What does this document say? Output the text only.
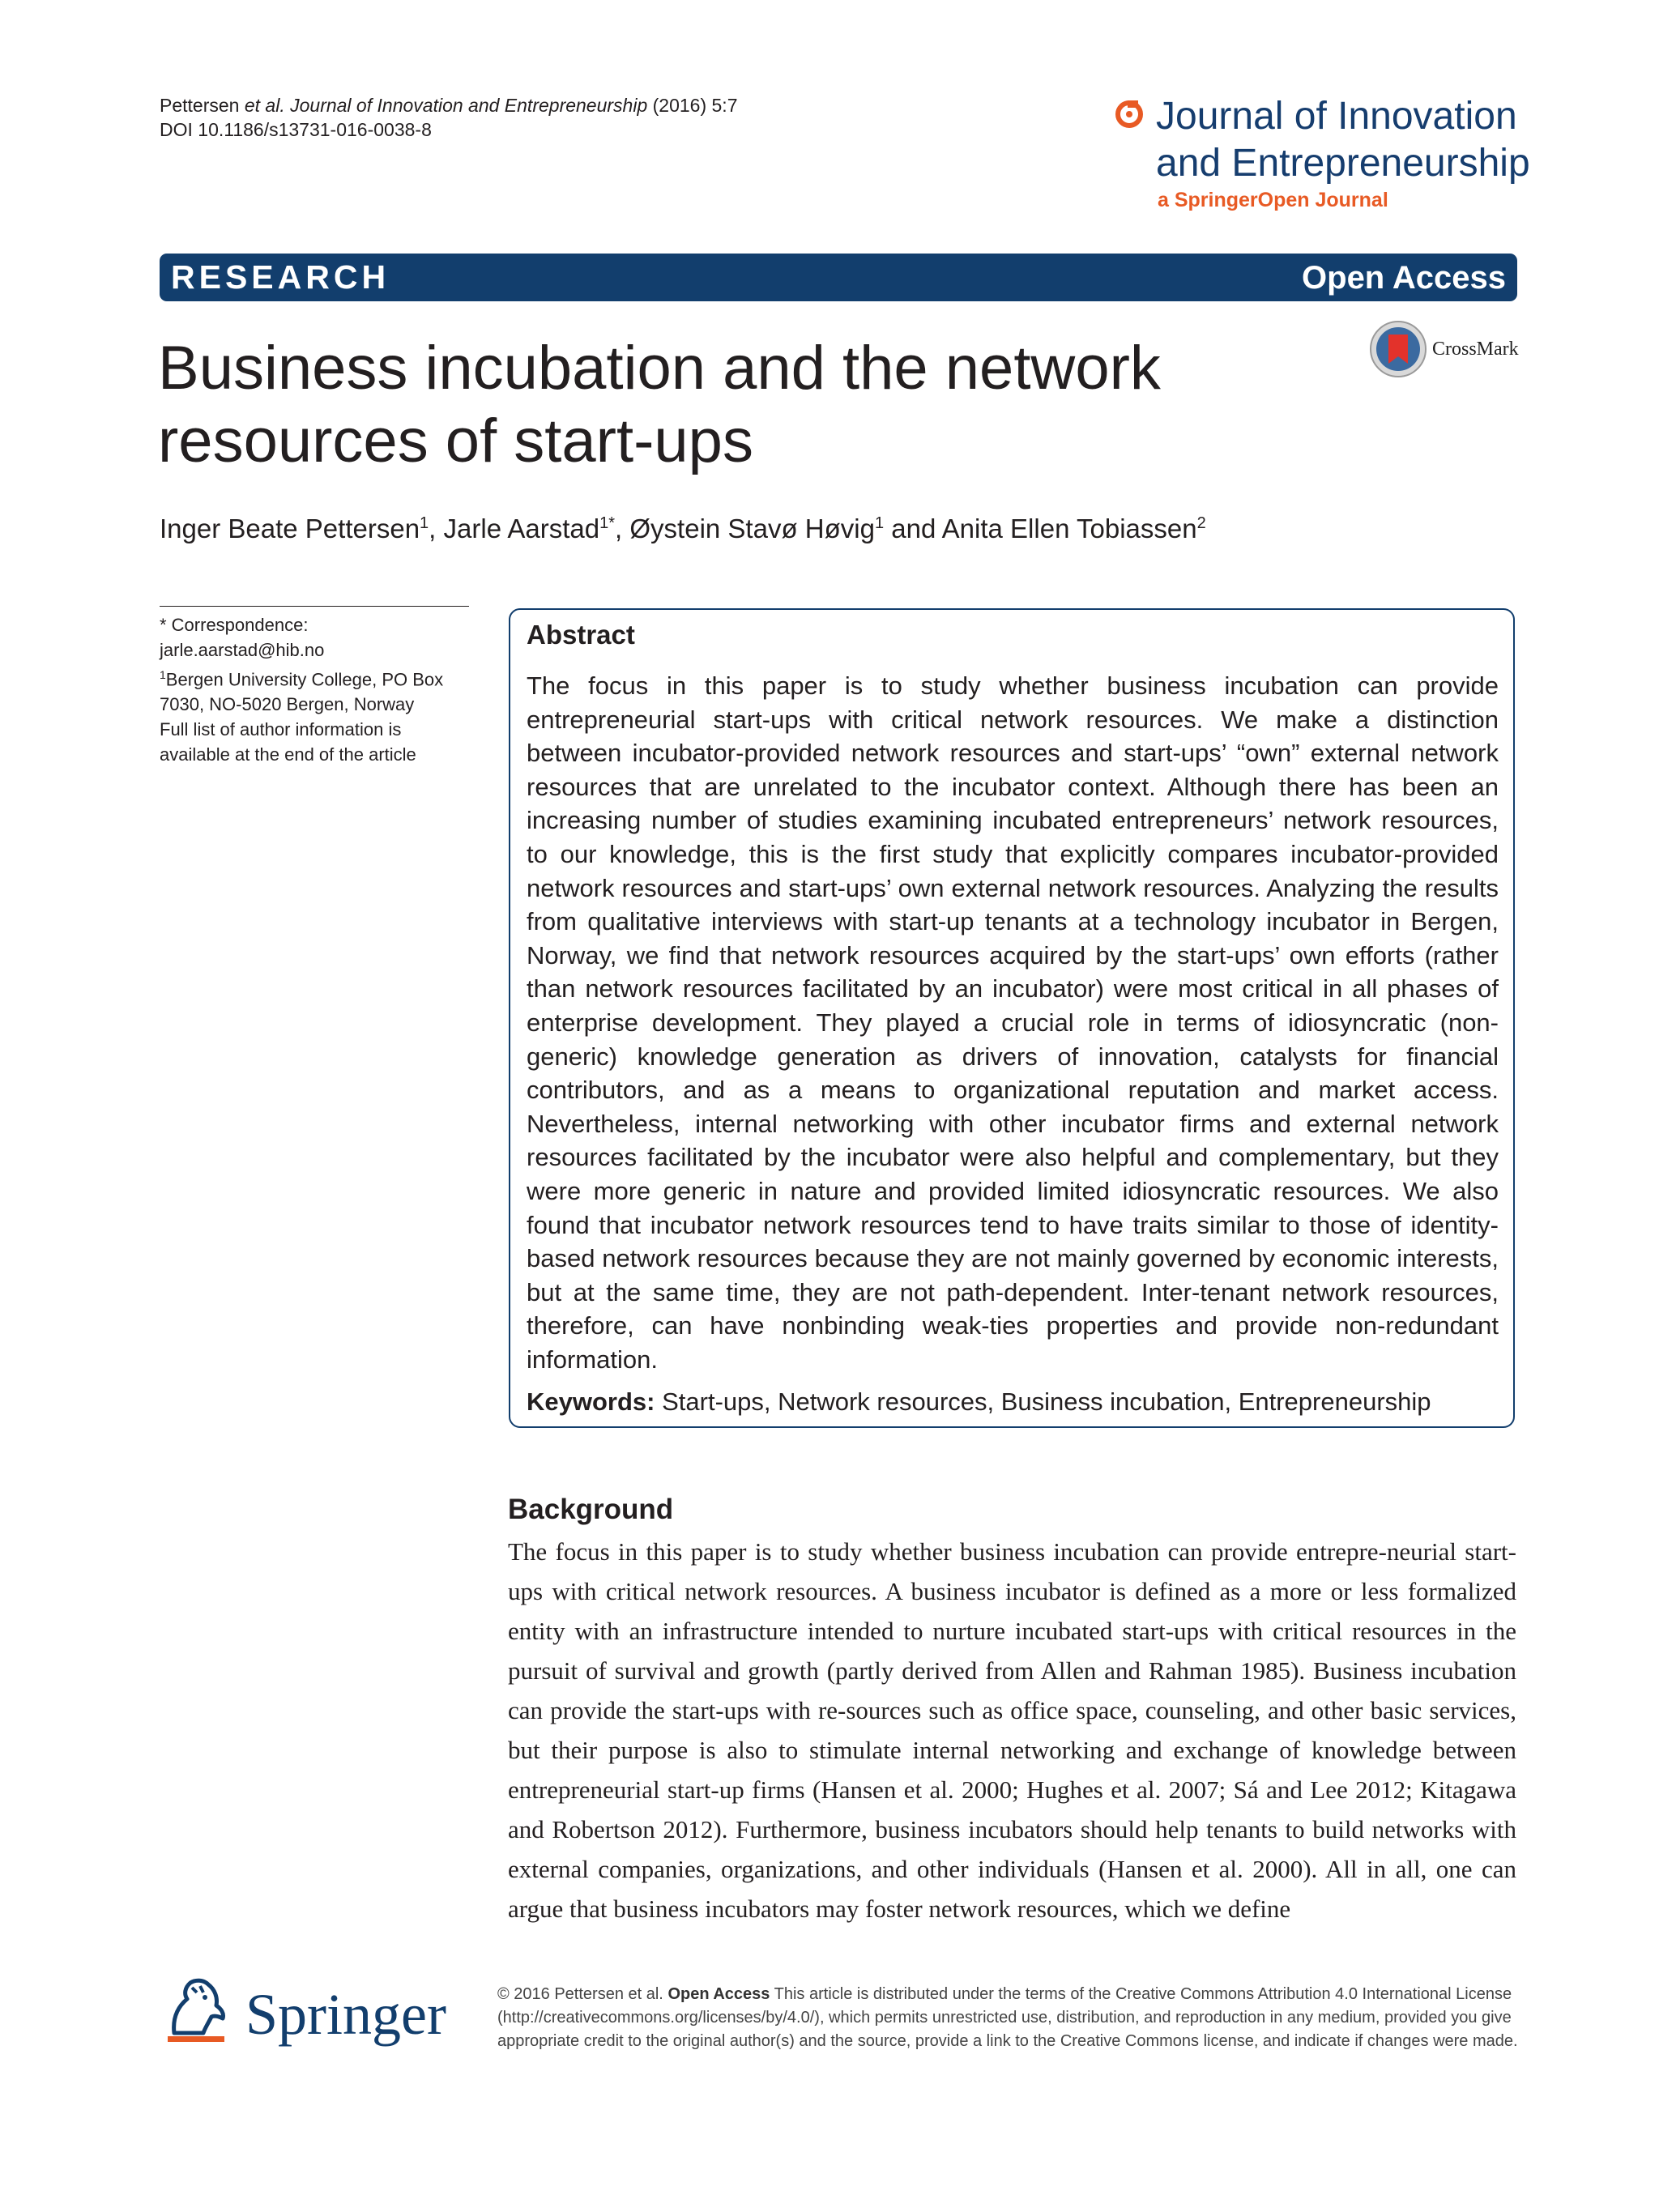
Pettersen et al. Journal of Innovation and Entrepreneurship (2016) 5:7
DOI 10.1186/s13731-016-0038-8	Journal of Innovation
and Entrepreneurship
a SpringerOpen Journal
RESEARCH	Open Access
CrossMark
Business incubation and the network
resources of start-ups
Inger Beate Pettersen$^1$, Jarle Aarstad$^{1*}$, Øystein Stavø Høvig$^1$ and Anita Ellen Tobiassen$^2$
* Correspondence:
jarle.aarstad@hib.no
$^1$Bergen University College, PO Box 7030, NO-5020 Bergen, Norway
Full list of author information is available at the end of the article
Abstract

The focus in this paper is to study whether business incubation can provide entrepreneurial start-ups with critical network resources. We make a distinction between incubator-provided network resources and start-ups’ “own” external network resources that are unrelated to the incubator context. Although there has been an increasing number of studies examining incubated entrepreneurs’ network resources, to our knowledge, this is the first study that explicitly compares incubator-provided network resources and start-ups’ own external network resources. Analyzing the results from qualitative interviews with start-up tenants at a technology incubator in Bergen, Norway, we find that network resources acquired by the start-ups’ own efforts (rather than network resources facilitated by an incubator) were most critical in all phases of enterprise development. They played a crucial role in terms of idiosyncratic (non-generic) knowledge generation as drivers of innovation, catalysts for financial contributors, and as a means to organizational reputation and market access. Nevertheless, internal networking with other incubator firms and external network resources facilitated by the incubator were also helpful and complementary, but they were more generic in nature and provided limited idiosyncratic resources. We also found that incubator network resources tend to have traits similar to those of identity-based network resources because they are not mainly governed by economic interests, but at the same time, they are not path-dependent. Inter-tenant network resources, therefore, can have nonbinding weak-ties properties and provide non-redundant information.

Keywords: Start-ups, Network resources, Business incubation, Entrepreneurship
Background

The focus in this paper is to study whether business incubation can provide entrepre-neurial start-ups with critical network resources. A business incubator is defined as a more or less formalized entity with an infrastructure intended to nurture incubated start-ups with critical resources in the pursuit of survival and growth (partly derived from Allen and Rahman 1985). Business incubation can provide the start-ups with re-sources such as office space, counseling, and other basic services, but their purpose is also to stimulate internal networking and exchange of knowledge between entrepreneurial start-up firms (Hansen et al. 2000; Hughes et al. 2007; Sá and Lee 2012; Kitagawa and Robertson 2012). Furthermore, business incubators should help tenants to build networks with external companies, organizations, and other individuals (Hansen et al. 2000). All in all, one can argue that business incubators may foster network resources, which we define

Springer	© 2016 Pettersen et al. Open Access This article is distributed under the terms of the Creative Commons Attribution 4.0 International License (http://creativecommons.org/licenses/by/4.0/), which permits unrestricted use, distribution, and reproduction in any medium, provided you give appropriate credit to the original author(s) and the source, provide a link to the Creative Commons license, and indicate if changes were made.
